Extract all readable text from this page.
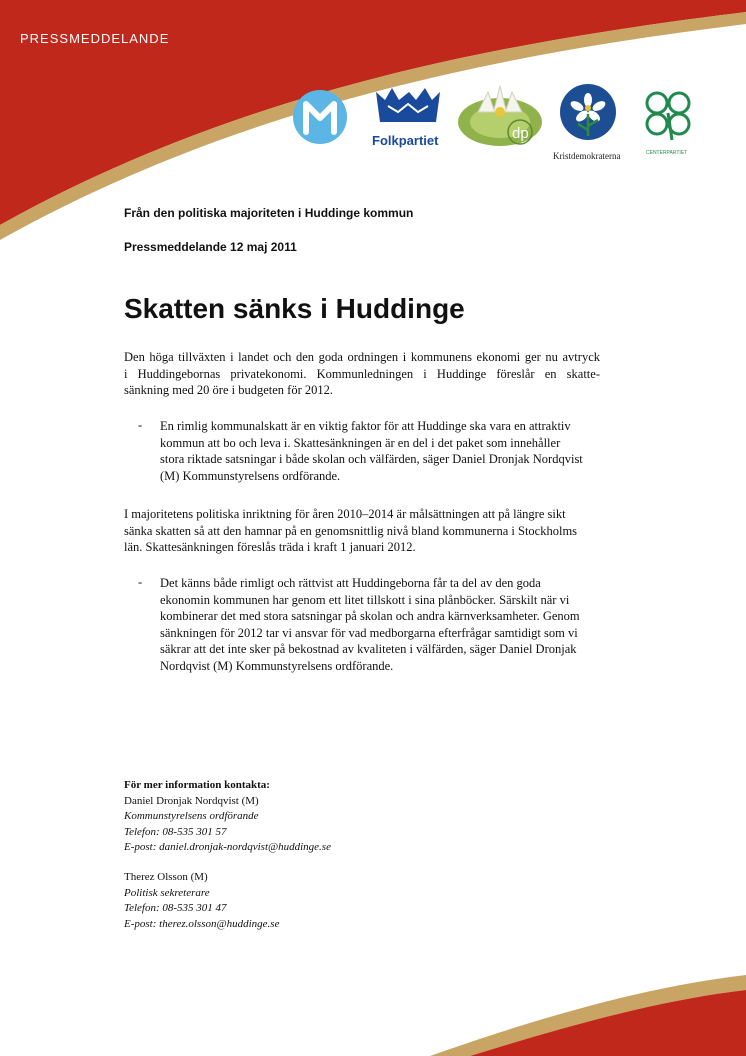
PRESSMEDDELANDE
Folkpartiet	dp
Kristdemokraterna	CENTERPARTIET
Från den politiska majoriteten i Huddinge kommun
Pressmeddelande 12 maj 2011
Skatten sänks i Huddinge
Den höga tillväxten i landet och den goda ordningen i kommunens ekonomi ger nu avtryck
i Huddingebornas privatekonomi. Kommunledningen i Huddinge föreslår en skatte-
sänkning med 20 öre i budgeten för 2012.
- En rimlig kommunalskatt är en viktig faktor för att Huddinge ska vara en attraktiv
kommun att bo och leva i. Skattesänkningen är en del i det paket som innehåller
stora riktade satsningar i både skolan och välfärden, säger Daniel Dronjak Nordqvist
(M) Kommunstyrelsens ordförande.
I majoritetens politiska inriktning för åren 2010–2014 är målsättningen att på längre sikt
sänka skatten så att den hamnar på en genomsnittlig nivå bland kommunerna i Stockholms
län. Skattesänkningen föreslås träda i kraft 1 januari 2012.
- Det känns både rimligt och rättvist att Huddingeborna får ta del av den goda
ekonomin kommunen har genom ett litet tillskott i sina plånböcker. Särskilt när vi
kombinerar det med stora satsningar på skolan och andra kärnverksamheter. Genom
sänkningen för 2012 tar vi ansvar för vad medborgarna efterfrågar samtidigt som vi
säkrar att det inte sker på bekostnad av kvaliteten i välfärden, säger Daniel Dronjak
Nordqvist (M) Kommunstyrelsens ordförande.
För mer information kontakta:
Daniel Dronjak Nordqvist (M)
Kommunstyrelsens ordförande
Telefon: 08-535 301 57
E-post: daniel.dronjak-nordqvist@huddinge.se
Therez Olsson (M)
Politisk sekreterare
Telefon: 08-535 301 47
E-post: therez.olsson@huddinge.se
